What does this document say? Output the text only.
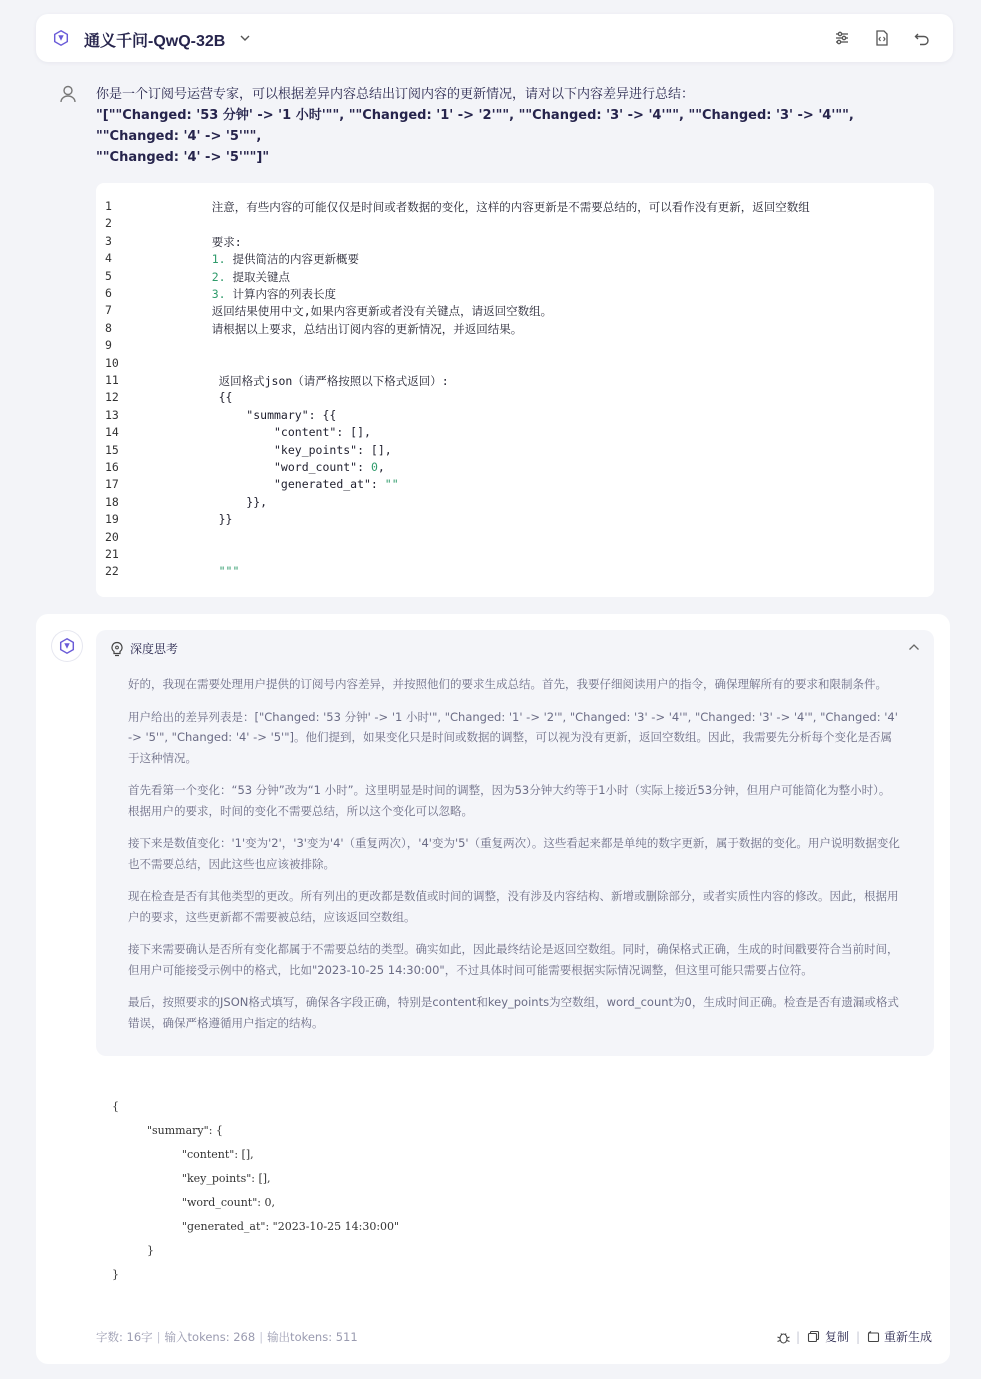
通义千问-QwQ-32B
你是一个订阅号运营专家，可以根据差异内容总结出订阅内容的更新情况，请对以下内容差异进行总结：
"[""Changed: '53 分钟' -> '1 小时'"", ""Changed: '1' -> '2'"", ""Changed: '3' -> '4'"", ""Changed: '3' -> '4'"", ""Changed: '4' -> '5'"",
""Changed: '4' -> '5'""]"
1	注意，有些内容的可能仅仅是时间或者数据的变化，这样的内容更新是不需要总结的，可以看作没有更新，返回空数组
2
3	要求:
4	1. 提供简洁的内容更新概要
5	2. 提取关键点
6	3. 计算内容的列表长度
7	返回结果使用中文,如果内容更新或者没有关键点，请返回空数组。
8	请根据以上要求，总结出订阅内容的更新情况，并返回结果。
9
10
11	返回格式json（请严格按照以下格式返回）:
12	{{
13	"summary": {{
14	"content": [],
15	"key_points": [],
16	"word_count": 0,
17	"generated_at": ""
18	}},
19	}}
20
21
22	"""
深度思考

好的，我现在需要处理用户提供的订阅号内容差异，并按照他们的要求生成总结。首先，我要仔细阅读用户的指令，确保理解所有的要求和限制条件。

用户给出的差异列表是：["Changed: '53 分钟' -> '1 小时'", "Changed: '1' -> '2'", "Changed: '3' -> '4'", "Changed: '3' -> '4'", "Changed: '4' -> '5'", "Changed: '4' -> '5'"]。他们提到，如果变化只是时间或数据的调整，可以视为没有更新，返回空数组。因此，我需要先分析每个变化是否属于这种情况。

首先看第一个变化：“53 分钟”改为“1 小时”。这里明显是时间的调整，因为53分钟大约等于1小时（实际上接近53分钟，但用户可能简化为整小时）。根据用户的要求，时间的变化不需要总结，所以这个变化可以忽略。

接下来是数值变化：'1'变为'2'，'3'变为'4'（重复两次），'4'变为'5'（重复两次）。这些看起来都是单纯的数字更新，属于数据的变化。用户说明数据变化也不需要总结，因此这些也应该被排除。

现在检查是否有其他类型的更改。所有列出的更改都是数值或时间的调整，没有涉及内容结构、新增或删除部分，或者实质性内容的修改。因此，根据用户的要求，这些更新都不需要被总结，应该返回空数组。

接下来需要确认是否所有变化都属于不需要总结的类型。确实如此，因此最终结论是返回空数组。同时，确保格式正确，生成的时间戳要符合当前时间，但用户可能接受示例中的格式，比如"2023-10-25 14:30:00"，不过具体时间可能需要根据实际情况调整，但这里可能只需要占位符。

最后，按照要求的JSON格式填写，确保各字段正确，特别是content和key_points为空数组，word_count为0，生成时间正确。检查是否有遗漏或格式错误，确保严格遵循用户指定的结构。

{
"summary": {
"content": [],
"key_points": [],
"word_count": 0,
"generated_at": "2023-10-25 14:30:00"
}
}
字数: 16字 | 输入tokens: 268 | 输出tokens: 511	| 复制 | 重新生成
